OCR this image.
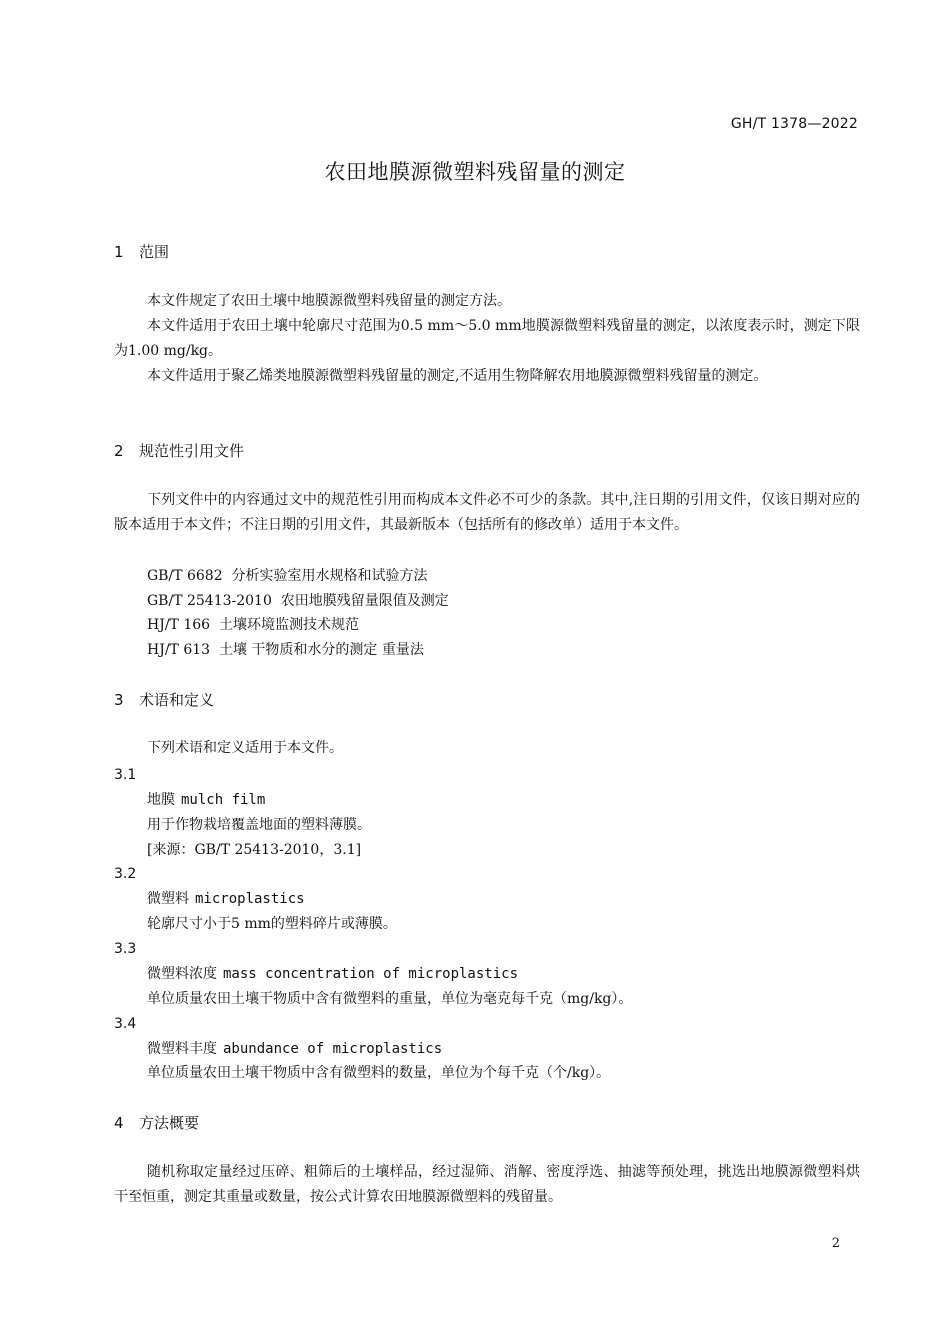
GH/T 1378—2022
农田地膜源微塑料残留量的测定
1 范围
本文件规定了农田土壤中地膜源微塑料残留量的测定方法。
本文件适用于农田土壤中轮廓尺寸范围为0.5 mm～5.0 mm地膜源微塑料残留量的测定，以浓度表示时，测定下限为1.00 mg/kg。
本文件适用于聚乙烯类地膜源微塑料残留量的测定,不适用生物降解农用地膜源微塑料残留量的测定。
2 规范性引用文件
下列文件中的内容通过文中的规范性引用而构成本文件必不可少的条款。其中,注日期的引用文件，仅该日期对应的版本适用于本文件；不注日期的引用文件，其最新版本（包括所有的修改单）适用于本文件。
GB/T 6682  分析实验室用水规格和试验方法
GB/T 25413-2010  农田地膜残留量限值及测定
HJ/T 166  土壤环境监测技术规范
HJ/T 613  土壤 干物质和水分的测定 重量法
3 术语和定义
下列术语和定义适用于本文件。
3.1
地膜 mulch film
用于作物栽培覆盖地面的塑料薄膜。
[来源：GB/T 25413-2010，3.1]
3.2
微塑料 microplastics
轮廓尺寸小于5 mm的塑料碎片或薄膜。
3.3
微塑料浓度 mass concentration of microplastics
单位质量农田土壤干物质中含有微塑料的重量，单位为毫克每千克（mg/kg）。
3.4
微塑料丰度 abundance of microplastics
单位质量农田土壤干物质中含有微塑料的数量，单位为个每千克（个/kg）。
4 方法概要
随机称取定量经过压碎、粗筛后的土壤样品，经过湿筛、消解、密度浮选、抽滤等预处理，挑选出地膜源微塑料烘干至恒重，测定其重量或数量，按公式计算农田地膜源微塑料的残留量。
2
